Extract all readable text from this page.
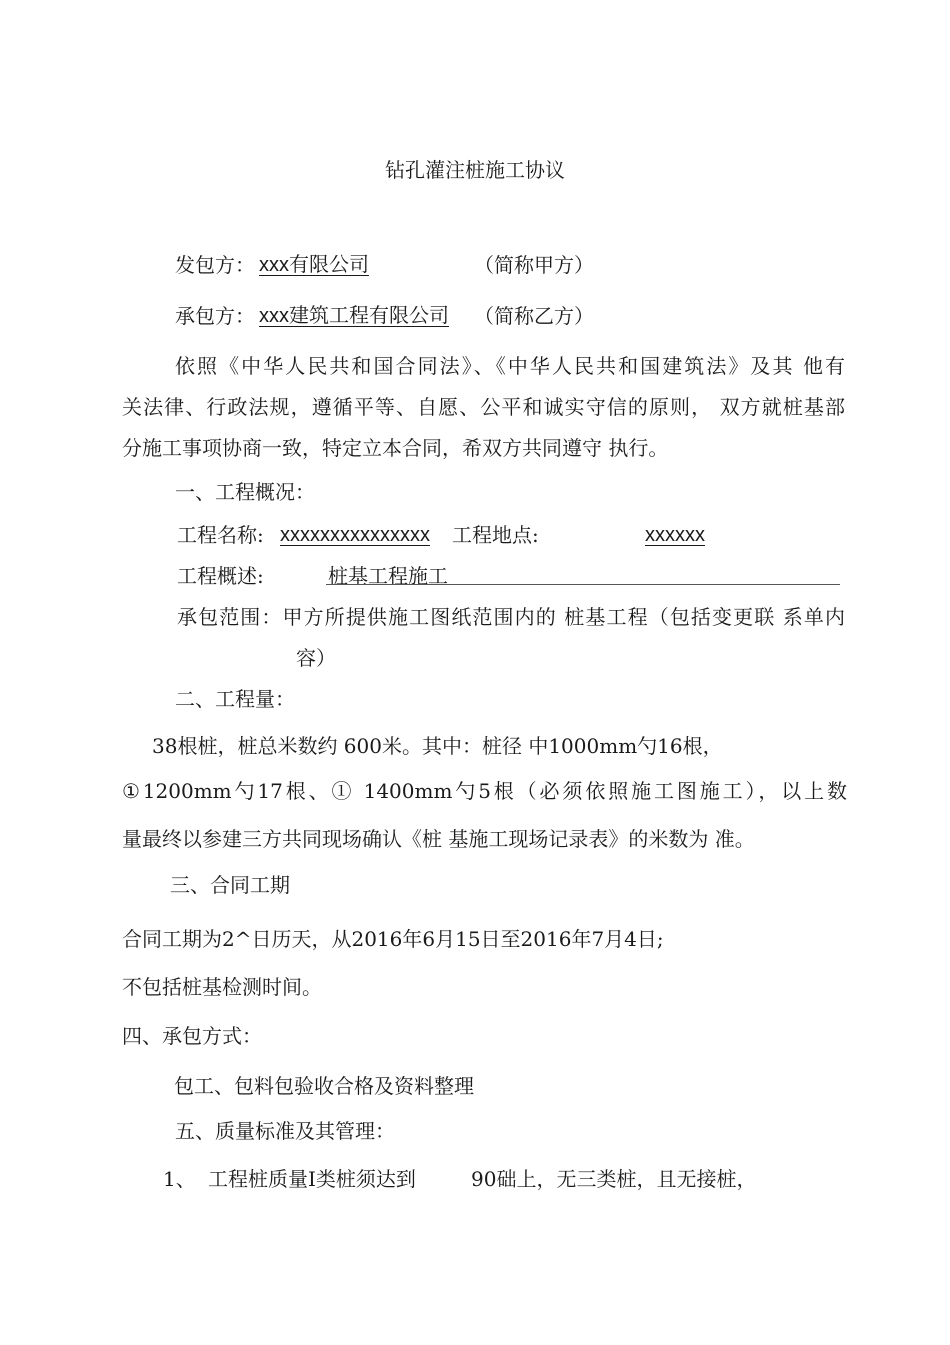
钻孔灌注桩施工协议
发包方： xxx有限公司	（简称甲方）
承包方： xxx建筑工程有限公司 （简称乙方）
依照《中华人民共和国合同法》、《中华人民共和国建筑法》及其 他有
关法律、行政法规，遵循平等、自愿、公平和诚实守信的原则， 双方就桩基部
分施工事项协商一致，特定立本合同，希双方共同遵守 执行。
一、工程概况：
工程名称: xxxxxxxxxxxxxxx 工程地点:	xxxxxx
工程概述:	桩基工程施工
承包范围：甲方所提供施工图纸范围内的 桩基工程（包括变更联 系单内
容）
二、工程量：
38根桩，桩总米数约 600米。其中：桩径 中1000mm勺16根，
①1200mm勺17根、① 1400mm勺5根（必须依照施工图施工），以上数
量最终以参建三方共同现场确认《桩 基施工现场记录表》的米数为 准。
三、合同工期
合同工期为2^日历天，从2016年6月15日至2016年7月4日;
不包括桩基检测时间。
四、承包方式：
包工、包料包验收合格及资料整理
五、质量标准及其管理：
1、 工程桩质量Ⅰ类桩须达到	90础上，无三类桩，且无接桩，
